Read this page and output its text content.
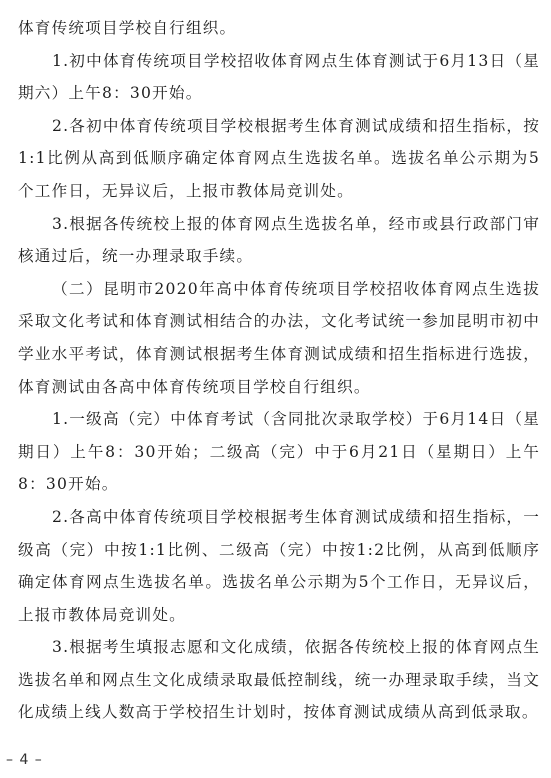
体育传统项目学校自行组织。

1.初中体育传统项目学校招收体育网点生体育测试于6月13日（星期六）上午8：30开始。

2.各初中体育传统项目学校根据考生体育测试成绩和招生指标，按1:1比例从高到低顺序确定体育网点生选拔名单。选拔名单公示期为5个工作日，无异议后，上报市教体局竞训处。

3.根据各传统校上报的体育网点生选拔名单，经市或县行政部门审核通过后，统一办理录取手续。

（二）昆明市2020年高中体育传统项目学校招收体育网点生选拔采取文化考试和体育测试相结合的办法，文化考试统一参加昆明市初中学业水平考试，体育测试根据考生体育测试成绩和招生指标进行选拔，体育测试由各高中体育传统项目学校自行组织。

1.一级高（完）中体育考试（含同批次录取学校）于6月14日（星期日）上午8：30开始；二级高（完）中于6月21日（星期日）上午8：30开始。

2.各高中体育传统项目学校根据考生体育测试成绩和招生指标，一级高（完）中按1:1比例、二级高（完）中按1:2比例，从高到低顺序确定体育网点生选拔名单。选拔名单公示期为5个工作日，无异议后，上报市教体局竞训处。

3.根据考生填报志愿和文化成绩，依据各传统校上报的体育网点生选拔名单和网点生文化成绩录取最低控制线，统一办理录取手续，当文化成绩上线人数高于学校招生计划时，按体育测试成绩从高到低录取。

– 4 –
